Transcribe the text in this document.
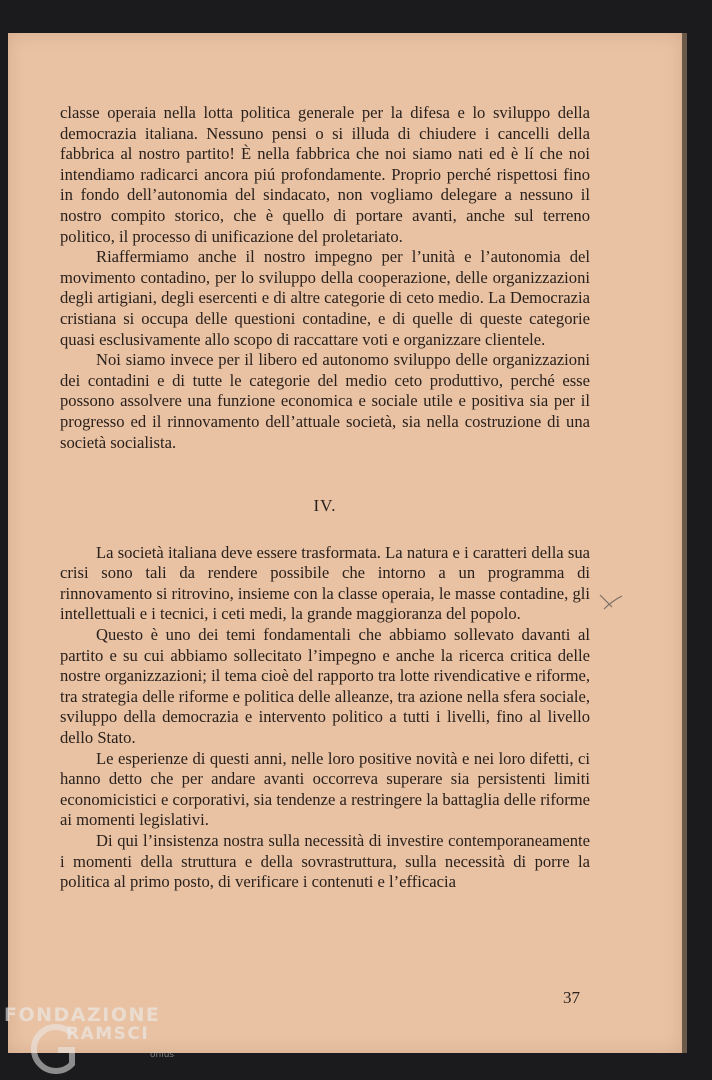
classe operaia nella lotta politica generale per la difesa e lo sviluppo della democrazia italiana. Nessuno pensi o si illuda di chiudere i cancelli della fabbrica al nostro partito! È nella fabbrica che noi siamo nati ed è lí che noi intendiamo radicarci ancora piú profondamente. Proprio perché rispettosi fino in fondo dell’autonomia del sindacato, non vogliamo delegare a nessuno il nostro compito storico, che è quello di portare avanti, anche sul terreno politico, il processo di unificazione del proletariato.

Riaffermiamo anche il nostro impegno per l’unità e l’autonomia del movimento contadino, per lo sviluppo della cooperazione, delle organizzazioni degli artigiani, degli esercenti e di altre categorie di ceto medio. La Democrazia cristiana si occupa delle questioni contadine, e di quelle di queste categorie quasi esclusivamente allo scopo di raccattare voti e organizzare clientele.

Noi siamo invece per il libero ed autonomo sviluppo delle organizzazioni dei contadini e di tutte le categorie del medio ceto produttivo, perché esse possono assolvere una funzione economica e sociale utile e positiva sia per il progresso ed il rinnovamento dell’attuale società, sia nella costruzione di una società socialista.

IV.

La società italiana deve essere trasformata. La natura e i caratteri della sua crisi sono tali da rendere possibile che intorno a un programma di rinnovamento si ritrovino, insieme con la classe operaia, le masse contadine, gli intellettuali e i tecnici, i ceti medi, la grande maggioranza del popolo.

Questo è uno dei temi fondamentali che abbiamo sollevato davanti al partito e su cui abbiamo sollecitato l’impegno e anche la ricerca critica delle nostre organizzazioni; il tema cioè del rapporto tra lotte rivendicative e riforme, tra strategia delle riforme e politica delle alleanze, tra azione nella sfera sociale, sviluppo della democrazia e intervento politico a tutti i livelli, fino al livello dello Stato.

Le esperienze di questi anni, nelle loro positive novità e nei loro difetti, ci hanno detto che per andare avanti occorreva superare sia persistenti limiti economicistici e corporativi, sia tendenze a restringere la battaglia delle riforme ai momenti legislativi.

Di qui l’insistenza nostra sulla necessità di investire contemporaneamente i momenti della struttura e della sovrastruttura, sulla necessità di porre la politica al primo posto, di verificare i contenuti e l’efficacia

37
FONDAZIONE
RAMSCI
onlus
